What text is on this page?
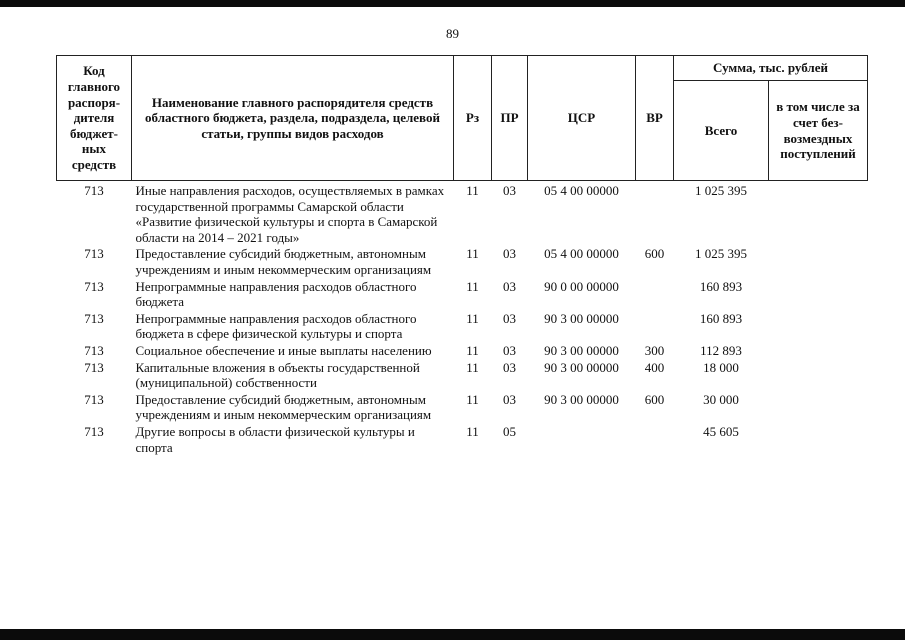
89
Код главного распоря-дителя бюджет-ных средств	Наименование главного распорядителя средств областного бюджета, раздела, подраздела, целевой статьи, группы видов расходов	Рз	ПР	ЦСР	ВР	Сумма, тыс. рублей	
						Всего	в том числе за счет без-возмездных поступлений
713	Иные направления расходов, осуществляемых в рамках государственной программы Самарской области «Развитие физической культуры и спорта в Самарской области на 2014 – 2021 годы»	11	03	05 4 00 00000		1 025 395	
713	Предоставление субсидий бюджетным, автономным учреждениям и иным некоммерческим организациям	11	03	05 4 00 00000	600	1 025 395	
713	Непрограммные направления расходов областного бюджета	11	03	90 0 00 00000		160 893	
713	Непрограммные направления расходов областного бюджета в сфере физической культуры и спорта	11	03	90 3 00 00000		160 893	
713	Социальное обеспечение и иные выплаты населению	11	03	90 3 00 00000	300	112 893	
713	Капитальные вложения в объекты государственной (муниципальной) собственности	11	03	90 3 00 00000	400	18 000	
713	Предоставление субсидий бюджетным, автономным учреждениям и иным некоммерческим организациям	11	03	90 3 00 00000	600	30 000	
713	Другие вопросы в области физической культуры и спорта	11	05			45 605	
